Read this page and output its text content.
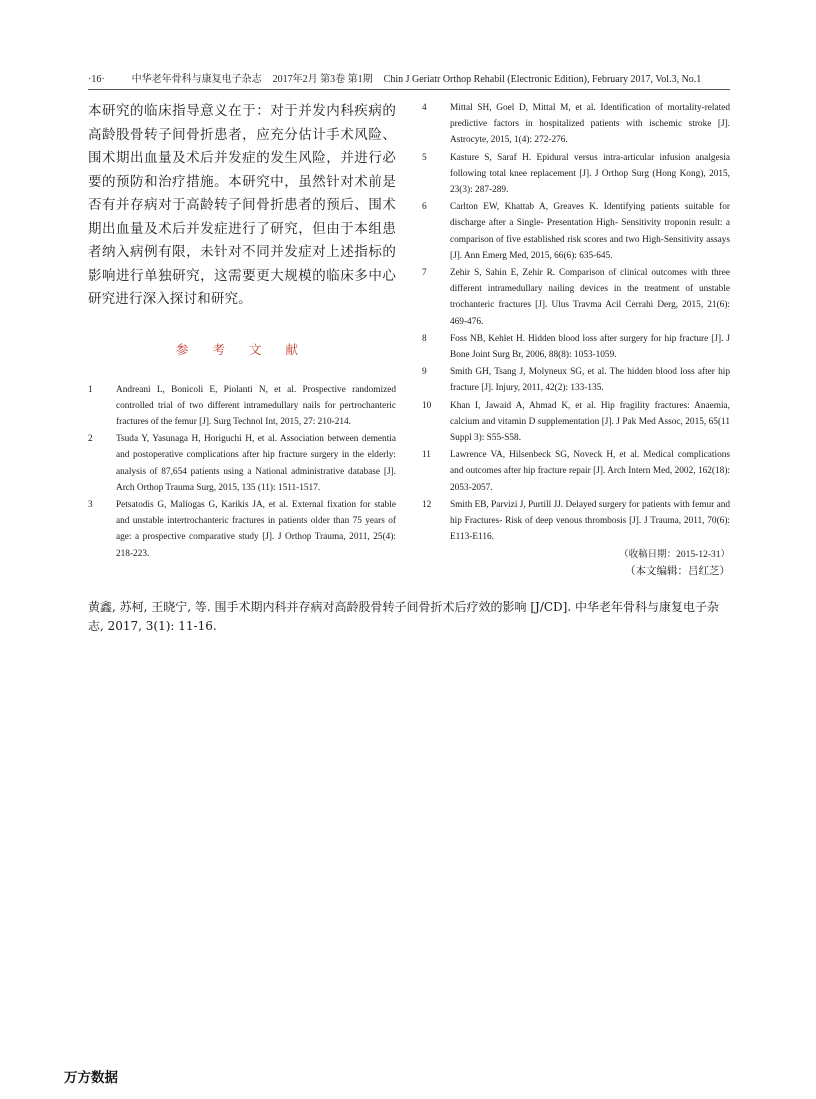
·16·	中华老年骨科与康复电子杂志 2017年2月 第3卷 第1期 Chin J Geriatr Orthop Rehabil (Electronic Edition), February 2017, Vol.3, No.1

本研究的临床指导意义在于：对于并发内科疾病的高龄股骨转子间骨折患者，应充分估计手术风险、围术期出血量及术后并发症的发生风险，并进行必要的预防和治疗措施。本研究中，虽然针对术前是否有并存病对于高龄转子间骨折患者的预后、围术期出血量及术后并发症进行了研究，但由于本组患者纳入病例有限，未针对不同并发症对上述指标的影响进行单独研究，这需要更大规模的临床多中心研究进行深入探讨和研究。

参 考 文 献
1	Andreani L, Bonicoli E, Piolanti N, et al. Prospective randomized controlled trial of two different intramedullary nails for pertrochanteric fractures of the femur [J]. Surg Technol Int, 2015, 27: 210-214.
2	Tsuda Y, Yasunaga H, Horiguchi H, et al. Association between dementia and postoperative complications after hip fracture surgery in the elderly: analysis of 87,654 patients using a National administrative database [J]. Arch Orthop Trauma Surg, 2015, 135 (11): 1511-1517.
3	Petsatodis G, Maliogas G, Karikis JA, et al. External fixation for stable and unstable intertrochanteric fractures in patients older than 75 years of age: a prospective comparative study [J]. J Orthop Trauma, 2011, 25(4): 218-223.
4	Mittal SH, Goel D, Mittal M, et al. Identification of mortality-related predictive factors in hospitalized patients with ischemic stroke [J]. Astrocyte, 2015, 1(4): 272-276.
5	Kasture S, Saraf H. Epidural versus intra-articular infusion analgesia following total knee replacement [J]. J Orthop Surg (Hong Kong), 2015, 23(3): 287-289.
6	Carlton EW, Khattab A, Greaves K. Identifying patients suitable for discharge after a Single- Presentation High- Sensitivity troponin result: a comparison of five established risk scores and two High-Sensitivity assays [J]. Ann Emerg Med, 2015, 66(6): 635-645.
7	Zehir S, Sahin E, Zehir R. Comparison of clinical outcomes with three different intramedullary nailing devices in the treatment of unstable trochanteric fractures [J]. Ulus Travma Acil Cerrahi Derg, 2015, 21(6): 469-476.
8	Foss NB, Kehlet H. Hidden blood loss after surgery for hip fracture [J]. J Bone Joint Surg Br, 2006, 88(8): 1053-1059.
9	Smith GH, Tsang J, Molyneux SG, et al. The hidden blood loss after hip fracture [J]. Injury, 2011, 42(2): 133-135.
10	Khan I, Jawaid A, Ahmad K, et al. Hip fragility fractures: Anaemia, calcium and vitamin D supplementation [J]. J Pak Med Assoc, 2015, 65(11 Suppl 3): S55-S58.
11	Lawrence VA, Hilsenbeck SG, Noveck H, et al. Medical complications and outcomes after hip fracture repair [J]. Arch Intern Med, 2002, 162(18): 2053-2057.
12	Smith EB, Parvizi J, Purtill JJ. Delayed surgery for patients with femur and hip Fractures- Risk of deep venous thrombosis [J]. J Trauma, 2011, 70(6): E113-E116.
（收稿日期：2015-12-31）
（本文编辑：吕红芝）

黄鑫, 苏柯, 王晓宁, 等. 围手术期内科并存病对高龄股骨转子间骨折术后疗效的影响 [J/CD]. 中华老年骨科与康复电子杂志, 2017, 3(1): 11-16.

万方数据
